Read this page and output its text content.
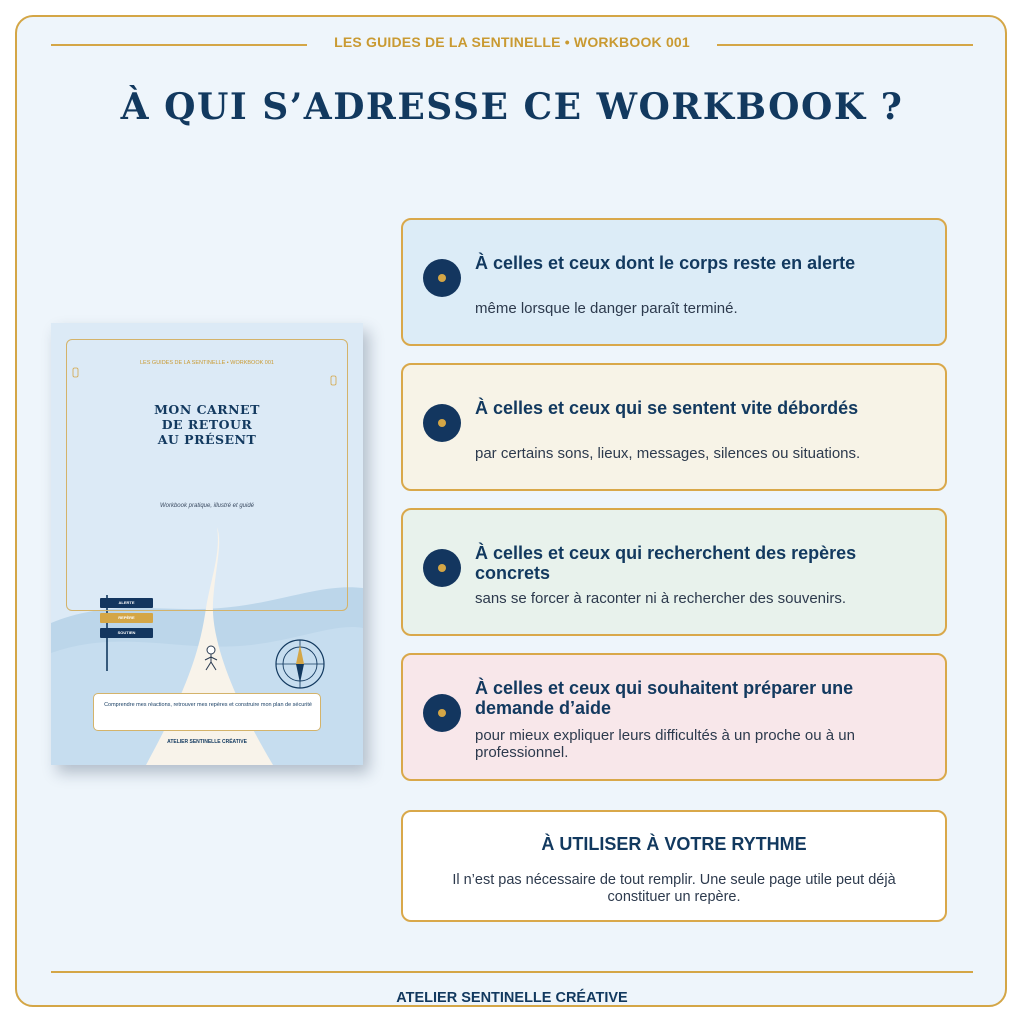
LES GUIDES DE LA SENTINELLE • WORKBOOK 001
À QUI S’ADRESSE CE WORKBOOK ?
LES GUIDES DE LA SENTINELLE • WORKBOOK 001
MON CARNET
DE RETOUR
AU PRÉSENT
Workbook pratique, illustré et guidé
ALERTE
REPÈRE
SOUTIEN
Comprendre mes réactions, retrouver mes repères et construire mon plan de sécurité
ATELIER SENTINELLE CRÉATIVE
À celles et ceux dont le corps reste en alerte
même lorsque le danger paraît terminé.
À celles et ceux qui se sentent vite débordés
par certains sons, lieux, messages, silences ou situations.
À celles et ceux qui recherchent des repères concrets
sans se forcer à raconter ni à rechercher des souvenirs.
À celles et ceux qui souhaitent préparer une demande d’aide
pour mieux expliquer leurs difficultés à un proche ou à un professionnel.
À UTILISER À VOTRE RYTHME
Il n’est pas nécessaire de tout remplir. Une seule page utile peut déjà constituer un repère.
ATELIER SENTINELLE CRÉATIVE
